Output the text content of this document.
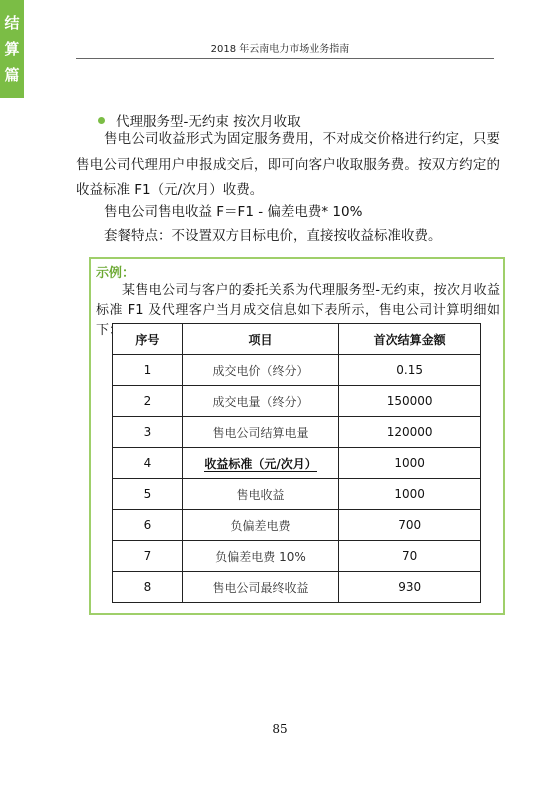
结
算
篇
2018 年云南电力市场业务指南
代理服务型-无约束 按次月收取
售电公司收益形式为固定服务费用，不对成交价格进行约定，只要售电公司代理用户申报成交后，即可向客户收取服务费。按双方约定的收益标准 F1（元/次月）收费。
售电公司售电收益 F＝F1 - 偏差电费* 10%
套餐特点：不设置双方目标电价，直接按收益标准收费。
示例：
某售电公司与客户的委托关系为代理服务型-无约束，按次月收益标准 F1 及代理客户当月成交信息如下表所示，售电公司计算明细如下：
序号	项目	首次结算金额
1	成交电价（终分）	0.15
2	成交电量（终分）	150000
3	售电公司结算电量	120000
4	收益标准（元/次月）	1000
5	售电收益	1000
6	负偏差电费	700
7	负偏差电费 10%	70
8	售电公司最终收益	930
85
